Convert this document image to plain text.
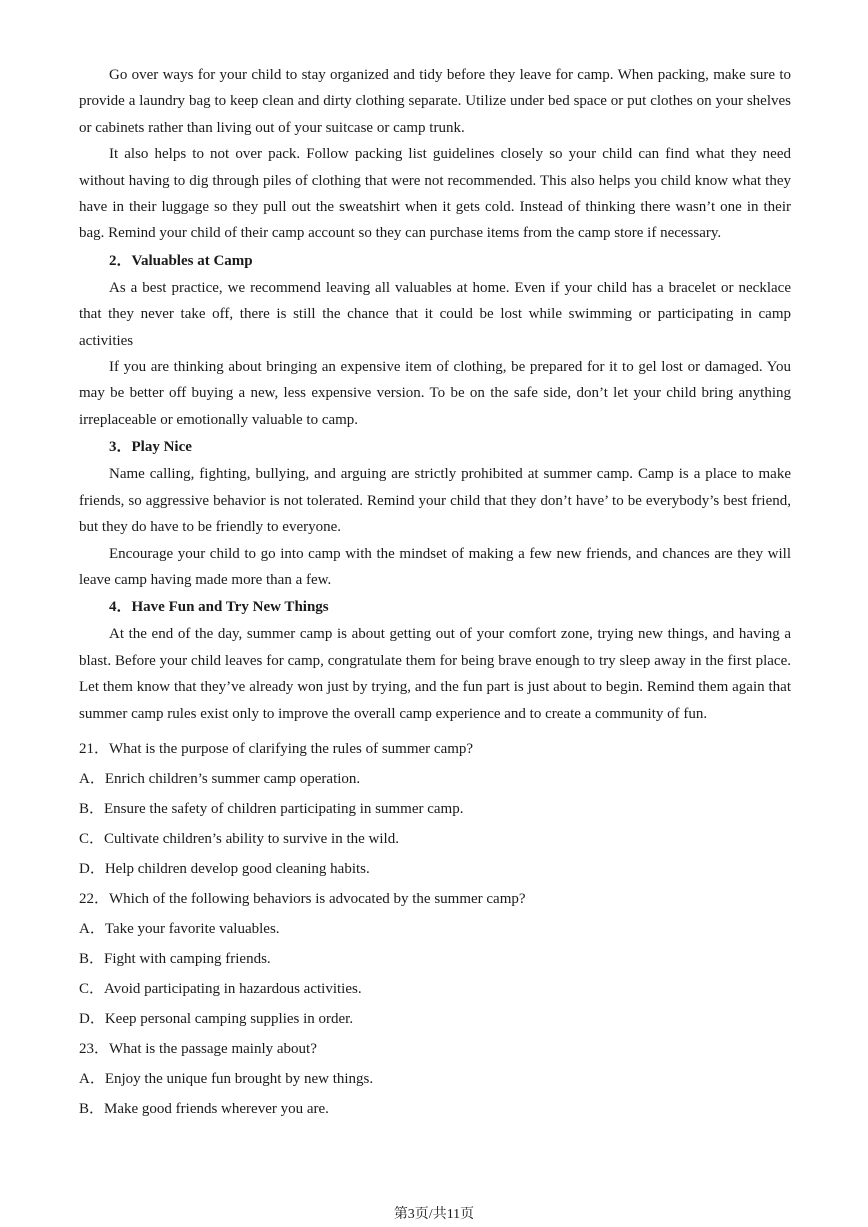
Go over ways for your child to stay organized and tidy before they leave for camp. When packing, make sure to provide a laundry bag to keep clean and dirty clothing separate. Utilize under bed space or put clothes on your shelves or cabinets rather than living out of your suitcase or camp trunk.

It also helps to not over pack. Follow packing list guidelines closely so your child can find what they need without having to dig through piles of clothing that were not recommended. This also helps you child know what they have in their luggage so they pull out the sweatshirt when it gets cold. Instead of thinking there wasn’t one in their bag. Remind your child of their camp account so they can purchase items from the camp store if necessary.

2．Valuables at Camp

As a best practice, we recommend leaving all valuables at home. Even if your child has a bracelet or necklace that they never take off, there is still the chance that it could be lost while swimming or participating in camp activities

If you are thinking about bringing an expensive item of clothing, be prepared for it to gel lost or damaged. You may be better off buying a new, less expensive version. To be on the safe side, don’t let your child bring anything irreplaceable or emotionally valuable to camp.

3．Play Nice

Name calling, fighting, bullying, and arguing are strictly prohibited at summer camp. Camp is a place to make friends, so aggressive behavior is not tolerated. Remind your child that they don’t have’ to be everybody’s best friend, but they do have to be friendly to everyone.

Encourage your child to go into camp with the mindset of making a few new friends, and chances are they will leave camp having made more than a few.

4．Have Fun and Try New Things

At the end of the day, summer camp is about getting out of your comfort zone, trying new things, and having a blast. Before your child leaves for camp, congratulate them for being brave enough to try sleep away in the first place. Let them know that they’ve already won just by trying, and the fun part is just about to begin. Remind them again that summer camp rules exist only to improve the overall camp experience and to create a community of fun.

21．What is the purpose of clarifying the rules of summer camp?
A．Enrich children’s summer camp operation.
B．Ensure the safety of children participating in summer camp.
C．Cultivate children’s ability to survive in the wild.
D．Help children develop good cleaning habits.
22．Which of the following behaviors is advocated by the summer camp?
A．Take your favorite valuables.
B．Fight with camping friends.
C．Avoid participating in hazardous activities.
D．Keep personal camping supplies in order.
23．What is the passage mainly about?
A．Enjoy the unique fun brought by new things.
B．Make good friends wherever you are.
第3页/共11页
